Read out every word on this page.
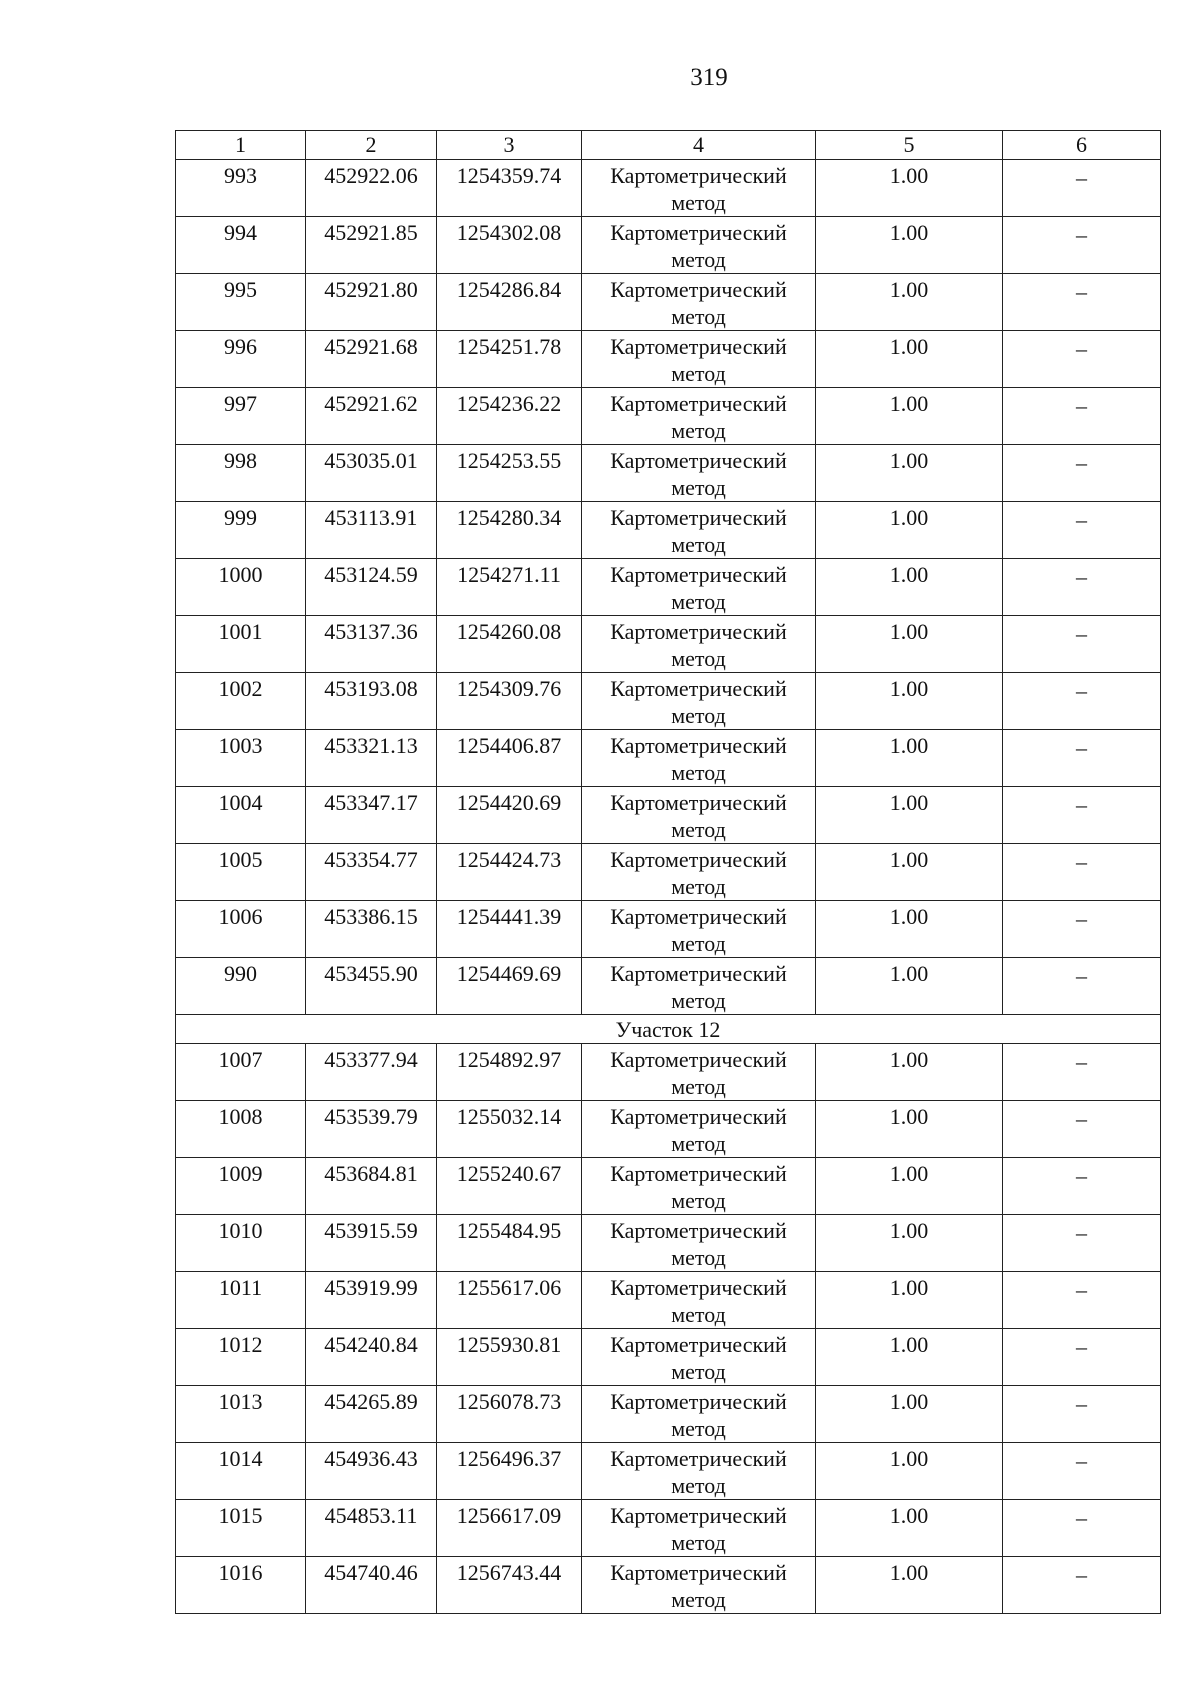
319
1	2	3	4	5	6
993	452922.06	1254359.74	Картометрический
метод	1.00	–
994	452921.85	1254302.08	Картометрический
метод	1.00	–
995	452921.80	1254286.84	Картометрический
метод	1.00	–
996	452921.68	1254251.78	Картометрический
метод	1.00	–
997	452921.62	1254236.22	Картометрический
метод	1.00	–
998	453035.01	1254253.55	Картометрический
метод	1.00	–
999	453113.91	1254280.34	Картометрический
метод	1.00	–
1000	453124.59	1254271.11	Картометрический
метод	1.00	–
1001	453137.36	1254260.08	Картометрический
метод	1.00	–
1002	453193.08	1254309.76	Картометрический
метод	1.00	–
1003	453321.13	1254406.87	Картометрический
метод	1.00	–
1004	453347.17	1254420.69	Картометрический
метод	1.00	–
1005	453354.77	1254424.73	Картометрический
метод	1.00	–
1006	453386.15	1254441.39	Картометрический
метод	1.00	–
990	453455.90	1254469.69	Картометрический
метод	1.00	–
Участок 12					
1007	453377.94	1254892.97	Картометрический
метод	1.00	–
1008	453539.79	1255032.14	Картометрический
метод	1.00	–
1009	453684.81	1255240.67	Картометрический
метод	1.00	–
1010	453915.59	1255484.95	Картометрический
метод	1.00	–
1011	453919.99	1255617.06	Картометрический
метод	1.00	–
1012	454240.84	1255930.81	Картометрический
метод	1.00	–
1013	454265.89	1256078.73	Картометрический
метод	1.00	–
1014	454936.43	1256496.37	Картометрический
метод	1.00	–
1015	454853.11	1256617.09	Картометрический
метод	1.00	–
1016	454740.46	1256743.44	Картометрический
метод	1.00	–
